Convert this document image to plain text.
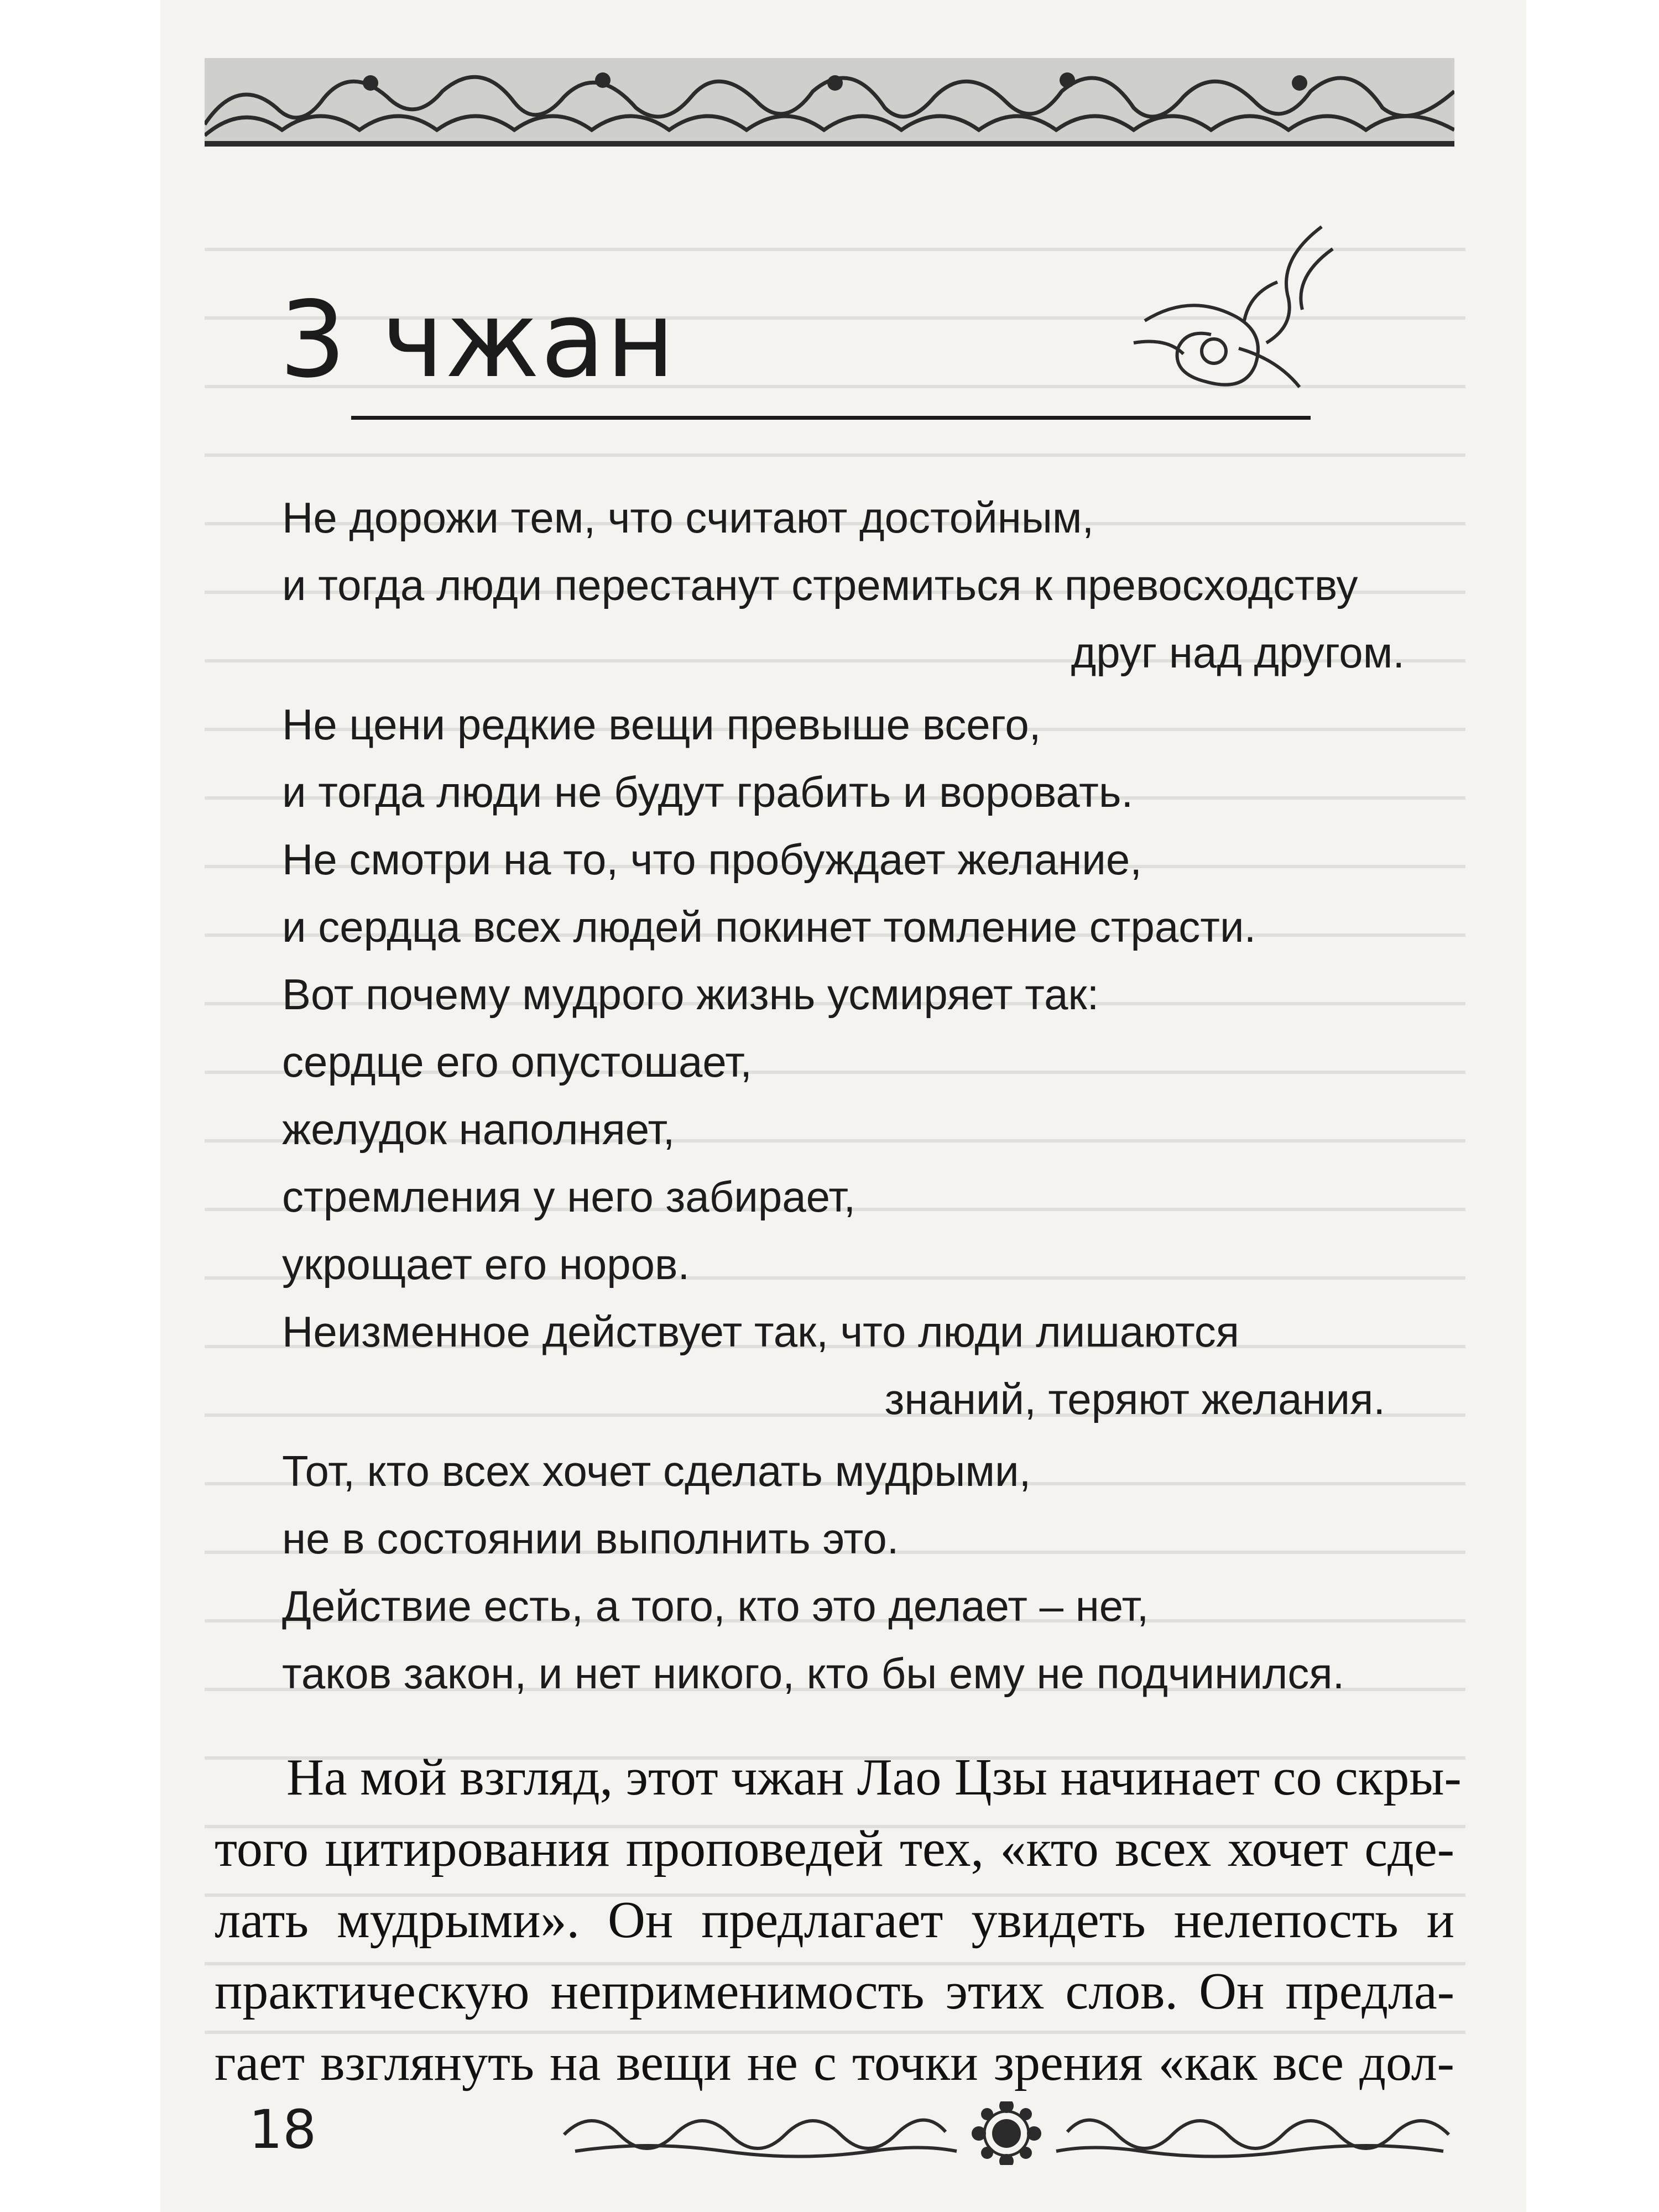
3 чжан
Не дорожи тем, что считают достойным,
и тогда люди перестанут стремиться к превосходству
друг над другом.
Не цени редкие вещи превыше всего,
и тогда люди не будут грабить и воровать.
Не смотри на то, что пробуждает желание,
и сердца всех людей покинет томление страсти.
Вот почему мудрого жизнь усмиряет так:
сердце его опустошает,
желудок наполняет,
стремления у него забирает,
укрощает его норов.
Неизменное действует так, что люди лишаются
знаний, теряют желания.
Тот, кто всех хочет сделать мудрыми,
не в состоянии выполнить это.
Действие есть, а того, кто это делает – нет,
таков закон, и нет никого, кто бы ему не подчинился.
На мой взгляд, этот чжан Лао Цзы начинает со скры-
того цитирования проповедей тех, «кто всех хочет сде-
лать мудрыми». Он предлагает увидеть нелепость и
практическую неприменимость этих слов. Он предла-
гает взглянуть на вещи не с точки зрения «как все дол-
18
